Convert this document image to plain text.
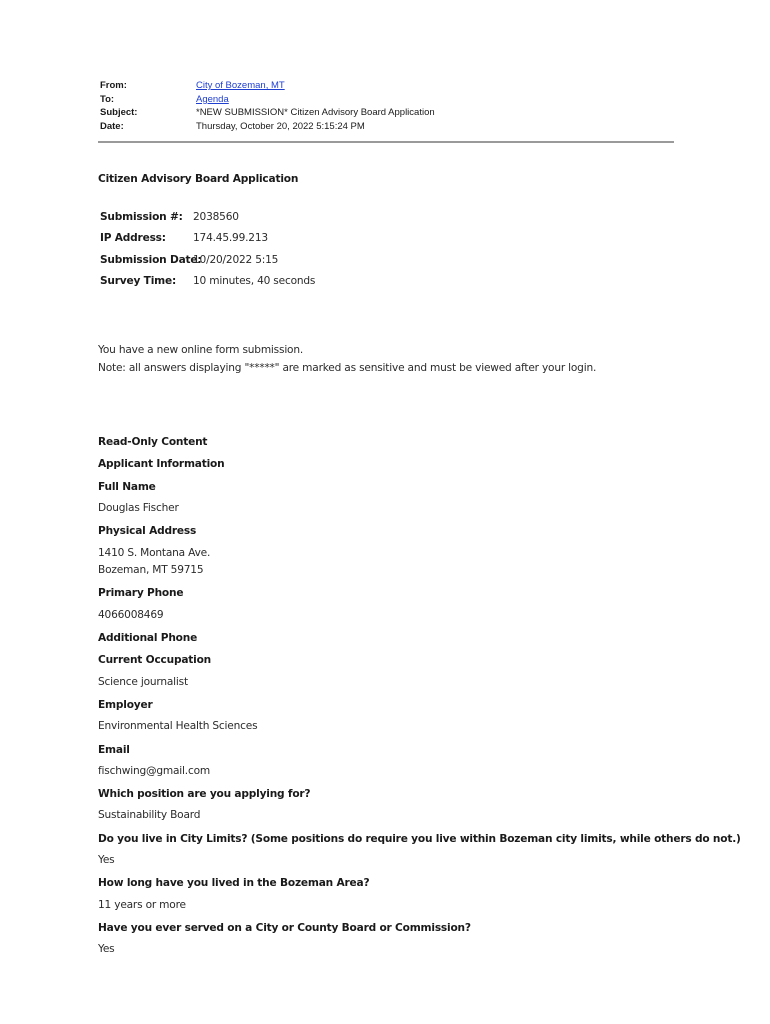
From:	City of Bozeman, MT
To:	Agenda
Subject:	*NEW SUBMISSION* Citizen Advisory Board Application
Date:	Thursday, October 20, 2022 5:15:24 PM
Citizen Advisory Board Application
Submission #: 2038560
IP Address:	174.45.99.213
Submission Date:
10/20/2022 5:15
Survey Time:	10 minutes, 40 seconds
You have a new online form submission.
Note: all answers displaying "*****" are marked as sensitive and must be viewed after your login.
Read-Only Content
Applicant Information
Full Name
Douglas Fischer
Physical Address
1410 S. Montana Ave.
Bozeman, MT 59715
Primary Phone
4066008469
Additional Phone
Current Occupation
Science journalist
Employer
Environmental Health Sciences
Email
fischwing@gmail.com
Which position are you applying for?
Sustainability Board
Do you live in City Limits? (Some positions do require you live within Bozeman city limits, while others do not.)
Yes
How long have you lived in the Bozeman Area?
11 years or more
Have you ever served on a City or County Board or Commission?
Yes
